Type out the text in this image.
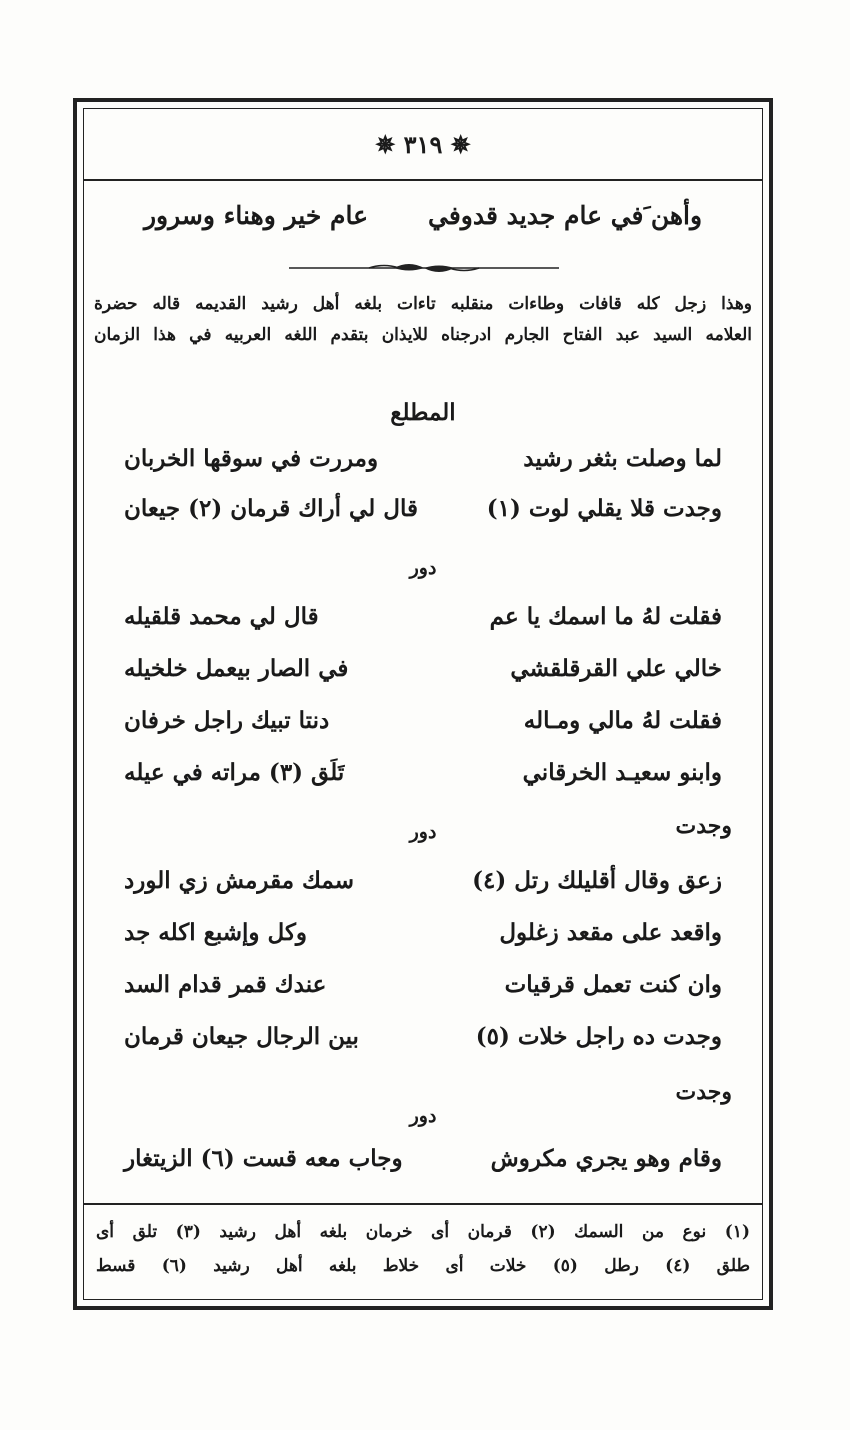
✵ ٣١٩ ✵
وأهن َفي عام جديد قدوفي
عام خير وهناء وسرور
وهذا زجل كله قافات وطاءات منقلبه تاءات بلغه أهل رشيد القديمه قاله حضرة
العلامه السيد عبد الفتاح الجارم ادرجناه للايذان بتقدم اللغه العربيه في هذا الزمان
المطلع
لما وصلت بثغر رشيد
ومررت في سوقها الخربان
وجدت قلا يقلي لوت (١)
قال لي أراك قرمان (٢) جيعان
دور
فقلت لهُ ما اسمك يا عم
قال لي محمد قلقيله
خالي علي القرقلقشي
في الصار بيعمل خلخيله
فقلت لهُ مالي ومـاله
دنتا تبيك راجل خرفان
وابنو سعيـد الخرقاني
تَلَق (٣) مراته في عيله
وجدت
دور
زعق وقال أقليلك رتل (٤)
سمك مقرمش زي الورد
واقعد على مقعد زغلول
وكل وإشبع اكله جد
وان كنت تعمل قرقيات
عندك قمر قدام السد
وجدت ده راجل خلات (٥)
بين الرجال جيعان قرمان
وجدت
دور
وقام وهو يجري مكروش
وجاب معه قست (٦) الزيتغار
(١) نوع من السمك (٢) قرمان أى خرمان بلغه أهل رشيد (٣) تلق أى
طلق (٤) رطل (٥) خلات أى خلاط بلغه أهل رشيد (٦) قسط
